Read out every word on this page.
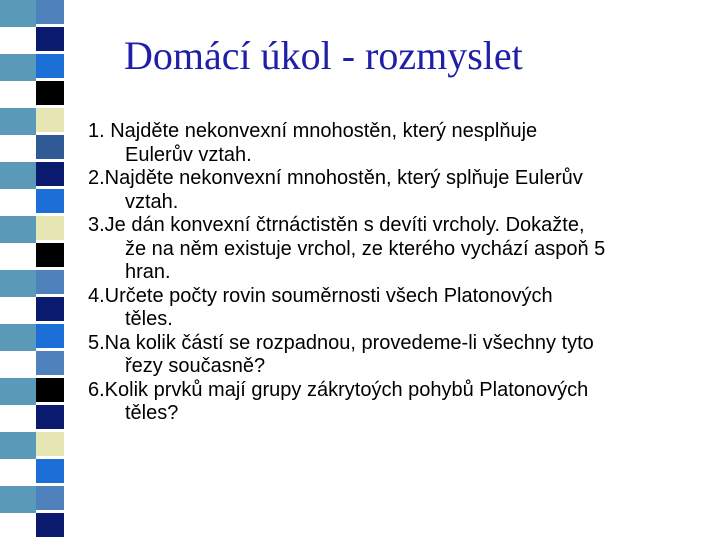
Domácí úkol - rozmyslet
1. Najděte nekonvexní mnohostěn, který nesplňuje
Eulerův vztah.
2.Najděte nekonvexní mnohostěn, který splňuje Eulerův
vztah.
3.Je dán konvexní čtrnáctistěn s devíti vrcholy. Dokažte,
že na něm existuje vrchol, ze kterého vychází aspoň 5
hran.
4.Určete počty rovin souměrnosti všech Platonových
těles.
5.Na kolik částí se rozpadnou, provedeme-li všechny tyto
řezy současně?
6.Kolik prvků mají grupy zákrytoých pohybů Platonových
těles?
